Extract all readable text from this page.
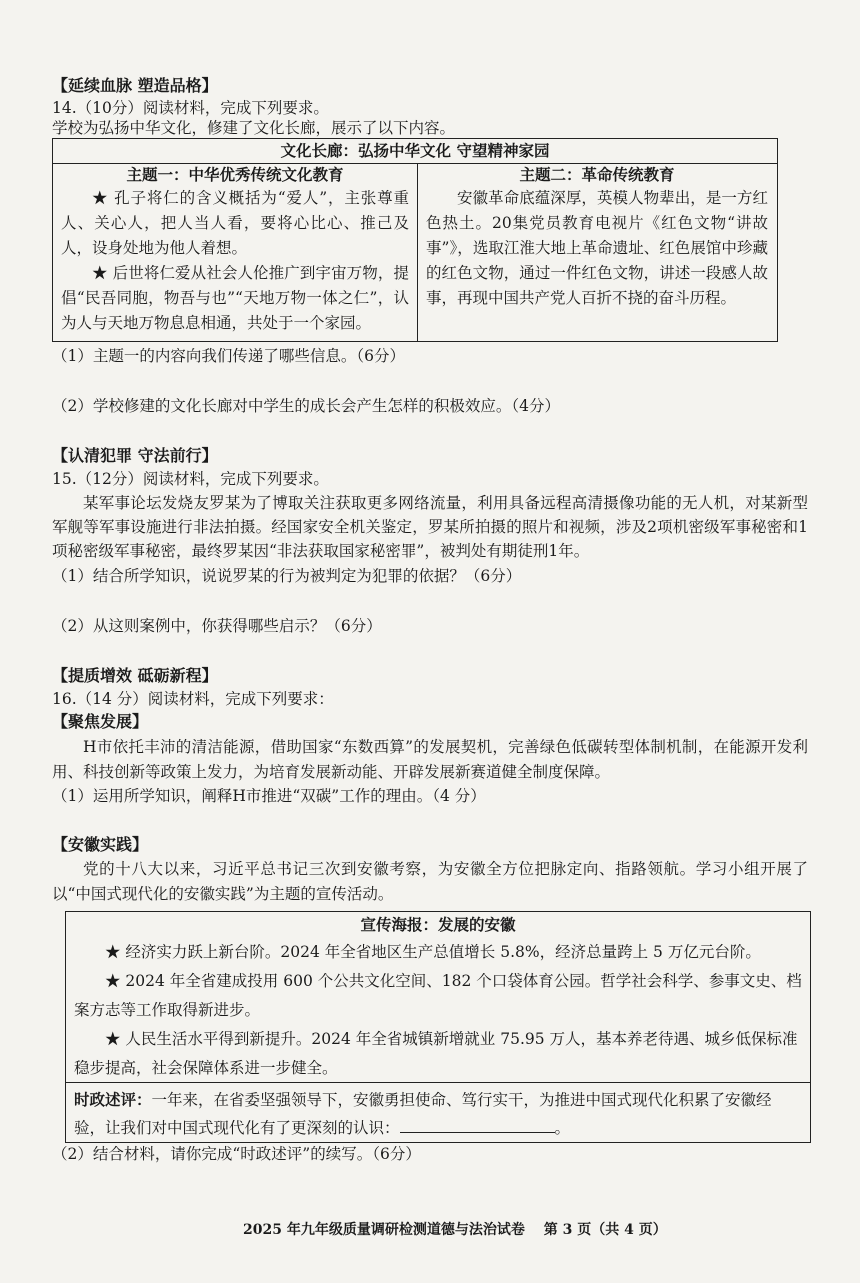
【延续血脉 塑造品格】
14.（10分）阅读材料，完成下列要求。
学校为弘扬中华文化，修建了文化长廊，展示了以下内容。
文化长廊：弘扬中华文化 守望精神家园
主题一：中华优秀传统文化教育
★ 孔子将仁的含义概括为“爱人”，主张尊重人、关心人，把人当人看，要将心比心、推己及人，设身处地为他人着想。
★ 后世将仁爱从社会人伦推广到宇宙万物，提倡“民吾同胞，物吾与也”“天地万物一体之仁”，认为人与天地万物息息相通，共处于一个家园。
主题二：革命传统教育
安徽革命底蕴深厚，英模人物辈出，是一方红色热土。20集党员教育电视片《红色文物“讲故事”》，选取江淮大地上革命遗址、红色展馆中珍藏的红色文物，通过一件红色文物，讲述一段感人故事，再现中国共产党人百折不挠的奋斗历程。
（1）主题一的内容向我们传递了哪些信息。（6分）
（2）学校修建的文化长廊对中学生的成长会产生怎样的积极效应。（4分）
【认清犯罪 守法前行】
15.（12分）阅读材料，完成下列要求。
某军事论坛发烧友罗某为了博取关注获取更多网络流量，利用具备远程高清摄像功能的无人机，对某新型军舰等军事设施进行非法拍摄。经国家安全机关鉴定，罗某所拍摄的照片和视频，涉及2项机密级军事秘密和1项秘密级军事秘密，最终罗某因“非法获取国家秘密罪”，被判处有期徒刑1年。
（1）结合所学知识，说说罗某的行为被判定为犯罪的依据？（6分）
（2）从这则案例中，你获得哪些启示？（6分）
【提质增效 砥砺新程】
16.（14 分）阅读材料，完成下列要求：
【聚焦发展】
H市依托丰沛的清洁能源，借助国家“东数西算”的发展契机，完善绿色低碳转型体制机制，在能源开发利用、科技创新等政策上发力，为培育发展新动能、开辟发展新赛道健全制度保障。
（1）运用所学知识，阐释H市推进“双碳”工作的理由。（4 分）
【安徽实践】
党的十八大以来，习近平总书记三次到安徽考察，为安徽全方位把脉定向、指路领航。学习小组开展了以“中国式现代化的安徽实践”为主题的宣传活动。
宣传海报：发展的安徽
★ 经济实力跃上新台阶。2024 年全省地区生产总值增长 5.8%，经济总量跨上 5 万亿元台阶。
★ 2024 年全省建成投用 600 个公共文化空间、182 个口袋体育公园。哲学社会科学、参事文史、档案方志等工作取得新进步。
★ 人民生活水平得到新提升。2024 年全省城镇新增就业 75.95 万人，基本养老待遇、城乡低保标准稳步提高，社会保障体系进一步健全。
时政述评：一年来，在省委坚强领导下，安徽勇担使命、笃行实干，为推进中国式现代化积累了安徽经验，让我们对中国式现代化有了更深刻的认识：	。
（2）结合材料，请你完成“时政述评”的续写。（6分）
2025 年九年级质量调研检测道德与法治试卷　 第 3 页（共 4 页）
